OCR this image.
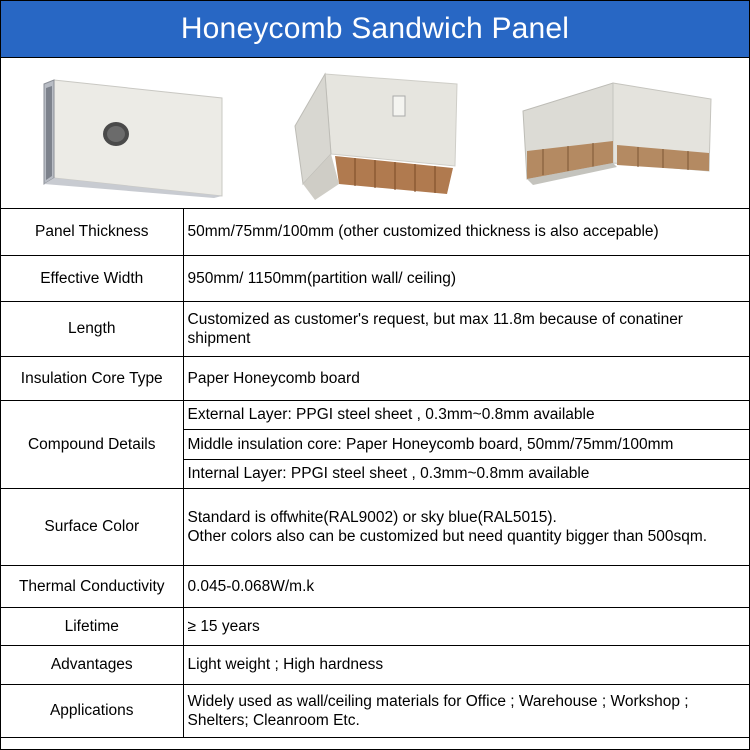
Honeycomb Sandwich Panel
Panel Thickness	50mm/75mm/100mm (other customized thickness is also accepable)
Effective Width	950mm/ 1150mm(partition wall/ ceiling)
Length	Customized as customer's request, but max 11.8m because of conatiner shipment
Insulation Core Type	Paper Honeycomb board
Compound Details	External Layer: PPGI steel sheet , 0.3mm~0.8mm available
	Middle insulation core: Paper Honeycomb board, 50mm/75mm/100mm
	Internal Layer: PPGI steel sheet , 0.3mm~0.8mm available
Surface Color	Standard is offwhite(RAL9002) or sky blue(RAL5015).
Other colors also can be customized but need quantity bigger than 500sqm.

Thermal Conductivity	0.045-0.068W/m.k
Lifetime	≥ 15 years
Advantages	Light weight ; High hardness
Applications	Widely used as wall/ceiling materials for Office ; Warehouse ; Workshop ; Shelters; Cleanroom Etc.
